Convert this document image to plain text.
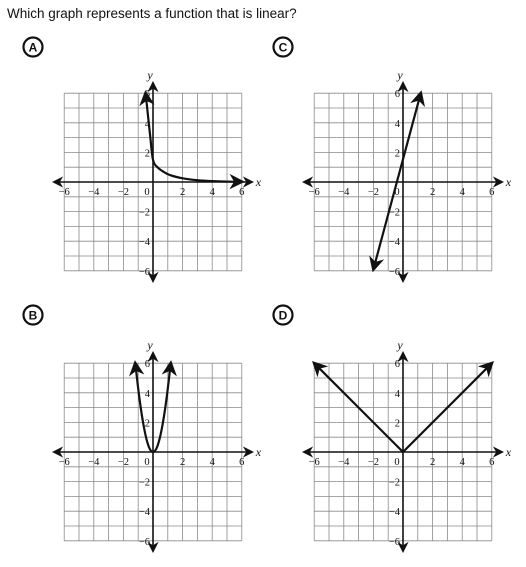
Which graph represents a function that is linear?
A
x
y
−6 −4 −2 0	2 4 6
6
4
2
−2
−4
−6
B
x
y
−6 −4 −2 0	2 4 6
6
4
2
−2
−4
−6
C
x
y
−6 −4 −2 0	2 4 6
6
4
2
−2
−4
−6
D
x
y
−6 −4 −2 0	2 4 6
6
4
2
−2
−4
−6
